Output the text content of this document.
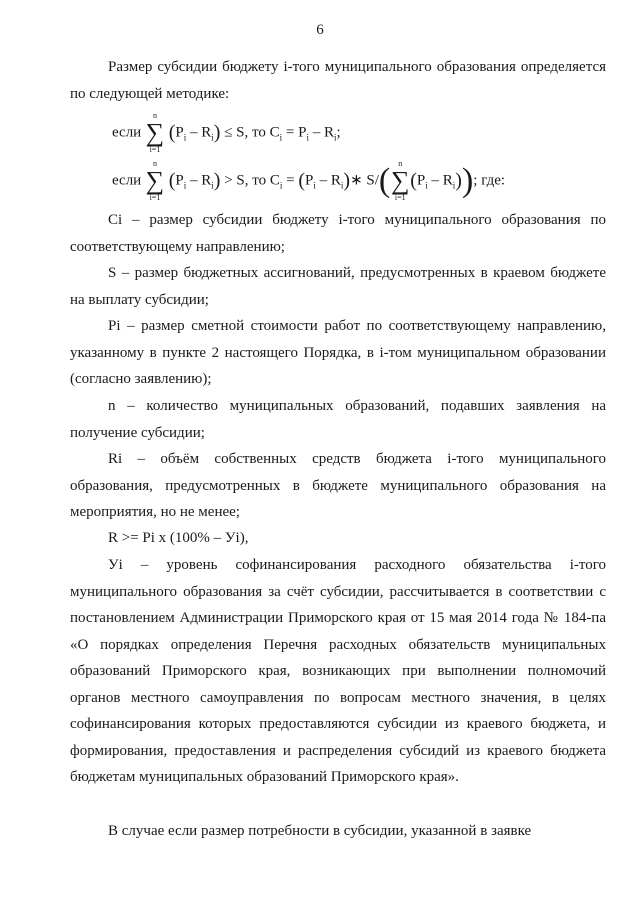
6
Размер субсидии бюджету i-того муниципального образования определяется по следующей методике:
если
n
∑
i=1
$(P_i - R_i) \le S$, то $C_i = P_i - R_i$;
если
n
∑
i=1
$(P_i - R_i) > S$, то $C_i = (P_i$ – $R_i)∗$ S/(	n
∑
i=1
$(P_i - R_i)$); где:
Ci – размер субсидии бюджету i-того муниципального образования по соответствующему направлению;
S – размер бюджетных ассигнований, предусмотренных в краевом бюджете на выплату субсидии;
Pi – размер сметной стоимости работ по соответствующему направлению, указанному в пункте 2 настоящего Порядка, в i-том муниципальном образовании (согласно заявлению);
n – количество муниципальных образований, подавших заявления на получение субсидии;
Ri – объём собственных средств бюджета i-того муниципального образования, предусмотренных в бюджете муниципального образования на мероприятия, но не менее;
R >= Pi x (100% – Уi),
Уi – уровень софинансирования расходного обязательства i-того муниципального образования за счёт субсидии, рассчитывается в соответствии с постановлением Администрации Приморского края от 15 мая 2014 года № 184-па «О порядках определения Перечня расходных обязательств муниципальных образований Приморского края, возникающих при выполнении полномочий органов местного самоуправления по вопросам местного значения, в целях софинансирования которых предоставляются субсидии из краевого бюджета, и формирования, предоставления и распределения субсидий из краевого бюджета бюджетам муниципальных образований Приморского края».
В случае если размер потребности в субсидии, указанной в заявке
